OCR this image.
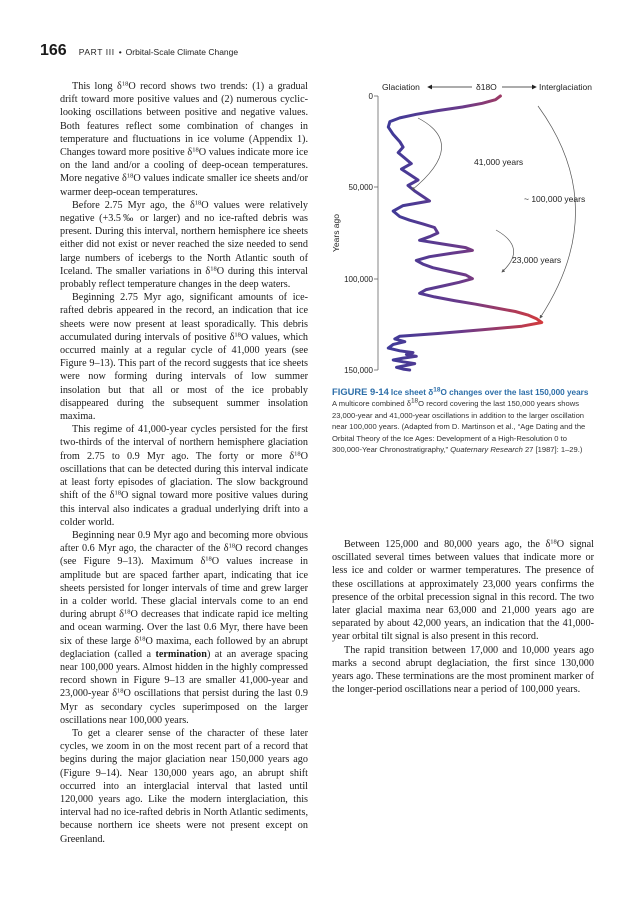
166 PART III • Orbital-Scale Climate Change

This long $\delta^{18}O$ record shows two trends: (1) a gradual drift toward more positive values and (2) numerous cyclic-looking oscillations between positive and negative values. Both features reflect some combination of changes in temperature and fluctuations in ice volume (Appendix 1). Changes toward more positive $\delta^{18}O$ values indicate more ice on the land and/or a cooling of deep-ocean temperatures. More negative $\delta^{18}O$ values indicate smaller ice sheets and/or warmer deep-ocean temperatures.

Before 2.75 Myr ago, the $\delta^{18}O$ values were relatively negative (+3.5‰ or larger) and no ice-rafted debris was present. During this interval, northern hemisphere ice sheets either did not exist or never reached the size needed to send large numbers of icebergs to the North Atlantic south of Iceland. The smaller variations in $\delta^{18}O$ during this interval probably reflect temperature changes in the deep waters.

Beginning 2.75 Myr ago, significant amounts of ice-rafted debris appeared in the record, an indication that ice sheets were now present at least sporadically. This debris accumulated during intervals of positive $\delta^{18}O$ values, which occurred mainly at a regular cycle of 41,000 years (see Figure 9–13). This part of the record suggests that ice sheets were now forming during intervals of low summer insolation but that all or most of the ice probably disappeared during the subsequent summer insolation maxima.

This regime of 41,000-year cycles persisted for the first two-thirds of the interval of northern hemisphere glaciation from 2.75 to 0.9 Myr ago. The forty or more $\delta^{18}O$ oscillations that can be detected during this interval indicate at least forty episodes of glaciation. The slow background shift of the $\delta^{18}O$ signal toward more positive values during this interval also indicates a gradual underlying drift into a colder world.

Beginning near 0.9 Myr ago and becoming more obvious after 0.6 Myr ago, the character of the $\delta^{18}O$ record changes (see Figure 9–13). Maximum $\delta^{18}O$ values increase in amplitude but are spaced farther apart, indicating that ice sheets persisted for longer intervals of time and grew larger in a colder world. These glacial intervals come to an end during abrupt $\delta^{18}O$ decreases that indicate rapid ice melting and ocean warming. Over the last 0.6 Myr, there have been six of these large $\delta^{18}O$ maxima, each followed by an abrupt deglaciation (called a termination) at an average spacing near 100,000 years. Almost hidden in the highly compressed record shown in Figure 9–13 are smaller 41,000-year and 23,000-year $\delta^{18}O$ oscillations that persist during the last 0.9 Myr as secondary cycles superimposed on the larger oscillations near 100,000 years.

To get a clearer sense of the character of these later cycles, we zoom in on the most recent part of a record that begins during the major glaciation near 150,000 years ago (Figure 9–14). Near 130,000 years ago, an abrupt shift occurred into an interglacial interval that lasted until 120,000 years ago. Like the modern interglaciation, this interval had no ice-rafted debris in North Atlantic sediments, because northern ice sheets were not present except on Greenland.

Glaciation	δ18O	Interglaciation
0
50,000
100,000
150,000
Years ago
41,000 years
~ 100,000 years
23,000 years
FIGURE 9-14 Ice sheet $\delta^{18}O$ changes over the last 150,000 years A multicore combined $\delta^{18}O$ record covering the last 150,000 years shows 23,000-year and 41,000-year oscillations in addition to the larger oscillation near 100,000 years. (Adapted from D. Martinson et al., “Age Dating and the Orbital Theory of the Ice Ages: Development of a High-Resolution 0 to 300,000-Year Chronostratigraphy,” Quaternary Research 27 [1987]: 1–29.)

Between 125,000 and 80,000 years ago, the $\delta^{18}O$ signal oscillated several times between values that indicate more or less ice and colder or warmer temperatures. The presence of these oscillations at approximately 23,000 years confirms the presence of the orbital precession signal in this record. The two later glacial maxima near 63,000 and 21,000 years ago are separated by about 42,000 years, an indication that the 41,000-year orbital tilt signal is also present in this record.

The rapid transition between 17,000 and 10,000 years ago marks a second abrupt deglaciation, the first since 130,000 years ago. These terminations are the most prominent marker of the longer-period oscillations near a period of 100,000 years.
